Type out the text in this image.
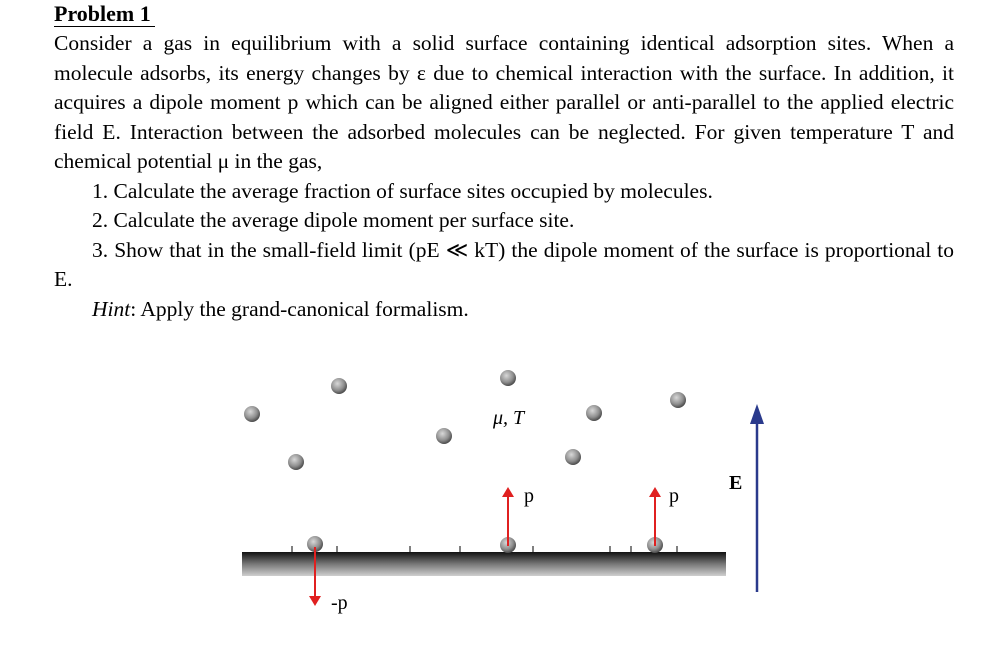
Problem 1

Consider a gas in equilibrium with a solid surface containing identical adsorption sites. When a molecule adsorbs, its energy changes by ε due to chemical interaction with the surface. In addition, it acquires a dipole moment p which can be aligned either parallel or anti-parallel to the applied electric field E. Interaction between the adsorbed molecules can be neglected. For given temperature T and chemical potential μ in the gas,

1. Calculate the average fraction of surface sites occupied by molecules.

2. Calculate the average dipole moment per surface site.

3. Show that in the small-field limit (pE ≪ kT) the dipole moment of the surface is proportional to E.

Hint: Apply the grand-canonical formalism.

μ, T
p	p
-p
E
